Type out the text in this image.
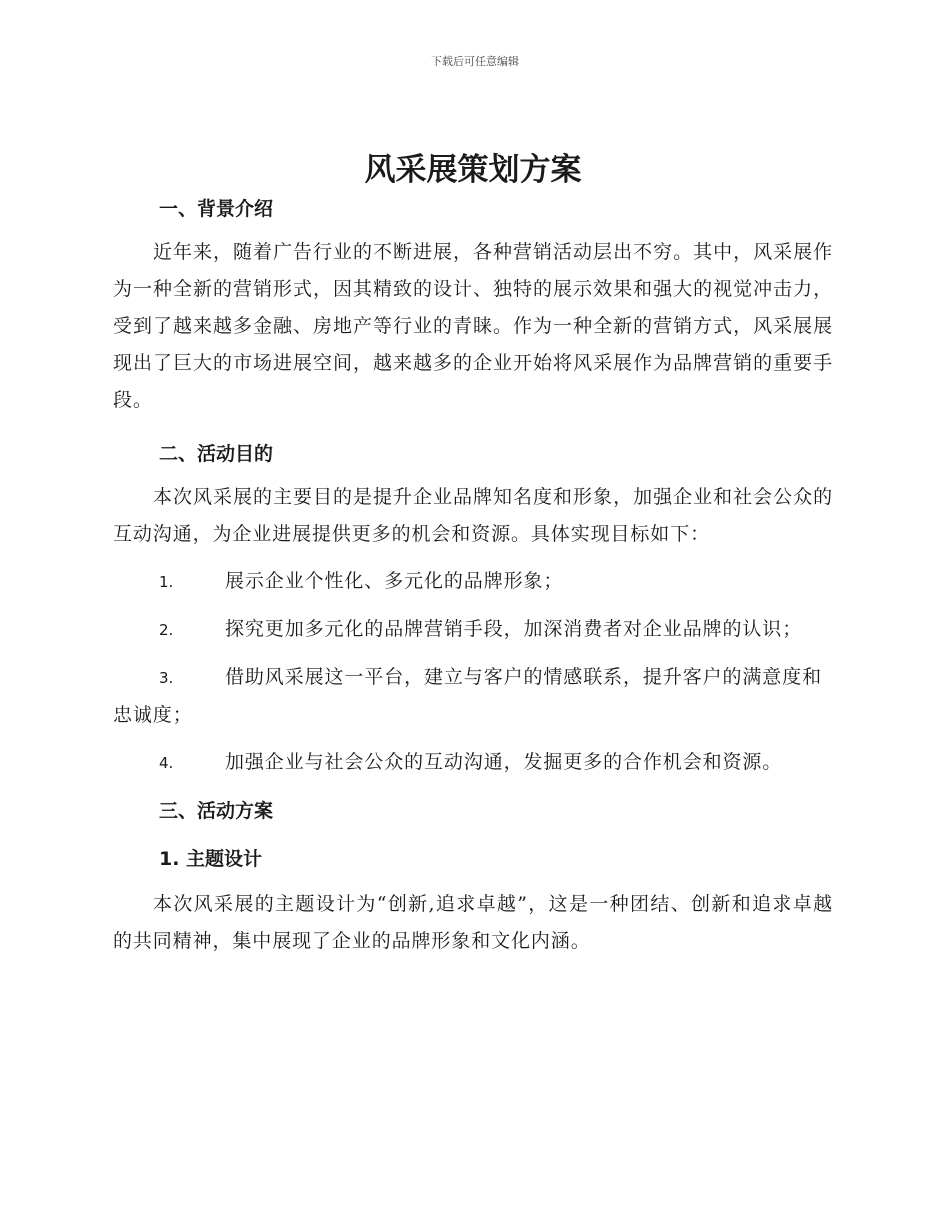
下载后可任意编辑
风采展策划方案
一、背景介绍

近年来，随着广告行业的不断进展，各种营销活动层出不穷。其中，风采展作为一种全新的营销形式，因其精致的设计、独特的展示效果和强大的视觉冲击力，受到了越来越多金融、房地产等行业的青睐。作为一种全新的营销方式，风采展展现出了巨大的市场进展空间，越来越多的企业开始将风采展作为品牌营销的重要手段。

二、活动目的

本次风采展的主要目的是提升企业品牌知名度和形象，加强企业和社会公众的互动沟通，为企业进展提供更多的机会和资源。具体实现目标如下：

1.	展示企业个性化、多元化的品牌形象；

2.	探究更加多元化的品牌营销手段，加深消费者对企业品牌的认识；

3.	借助风采展这一平台，建立与客户的情感联系，提升客户的满意度和忠诚度；

4.	加强企业与社会公众的互动沟通，发掘更多的合作机会和资源。

三、活动方案
1. 主题设计

本次风采展的主题设计为“创新,追求卓越”，这是一种团结、创新和追求卓越的共同精神，集中展现了企业的品牌形象和文化内涵。
